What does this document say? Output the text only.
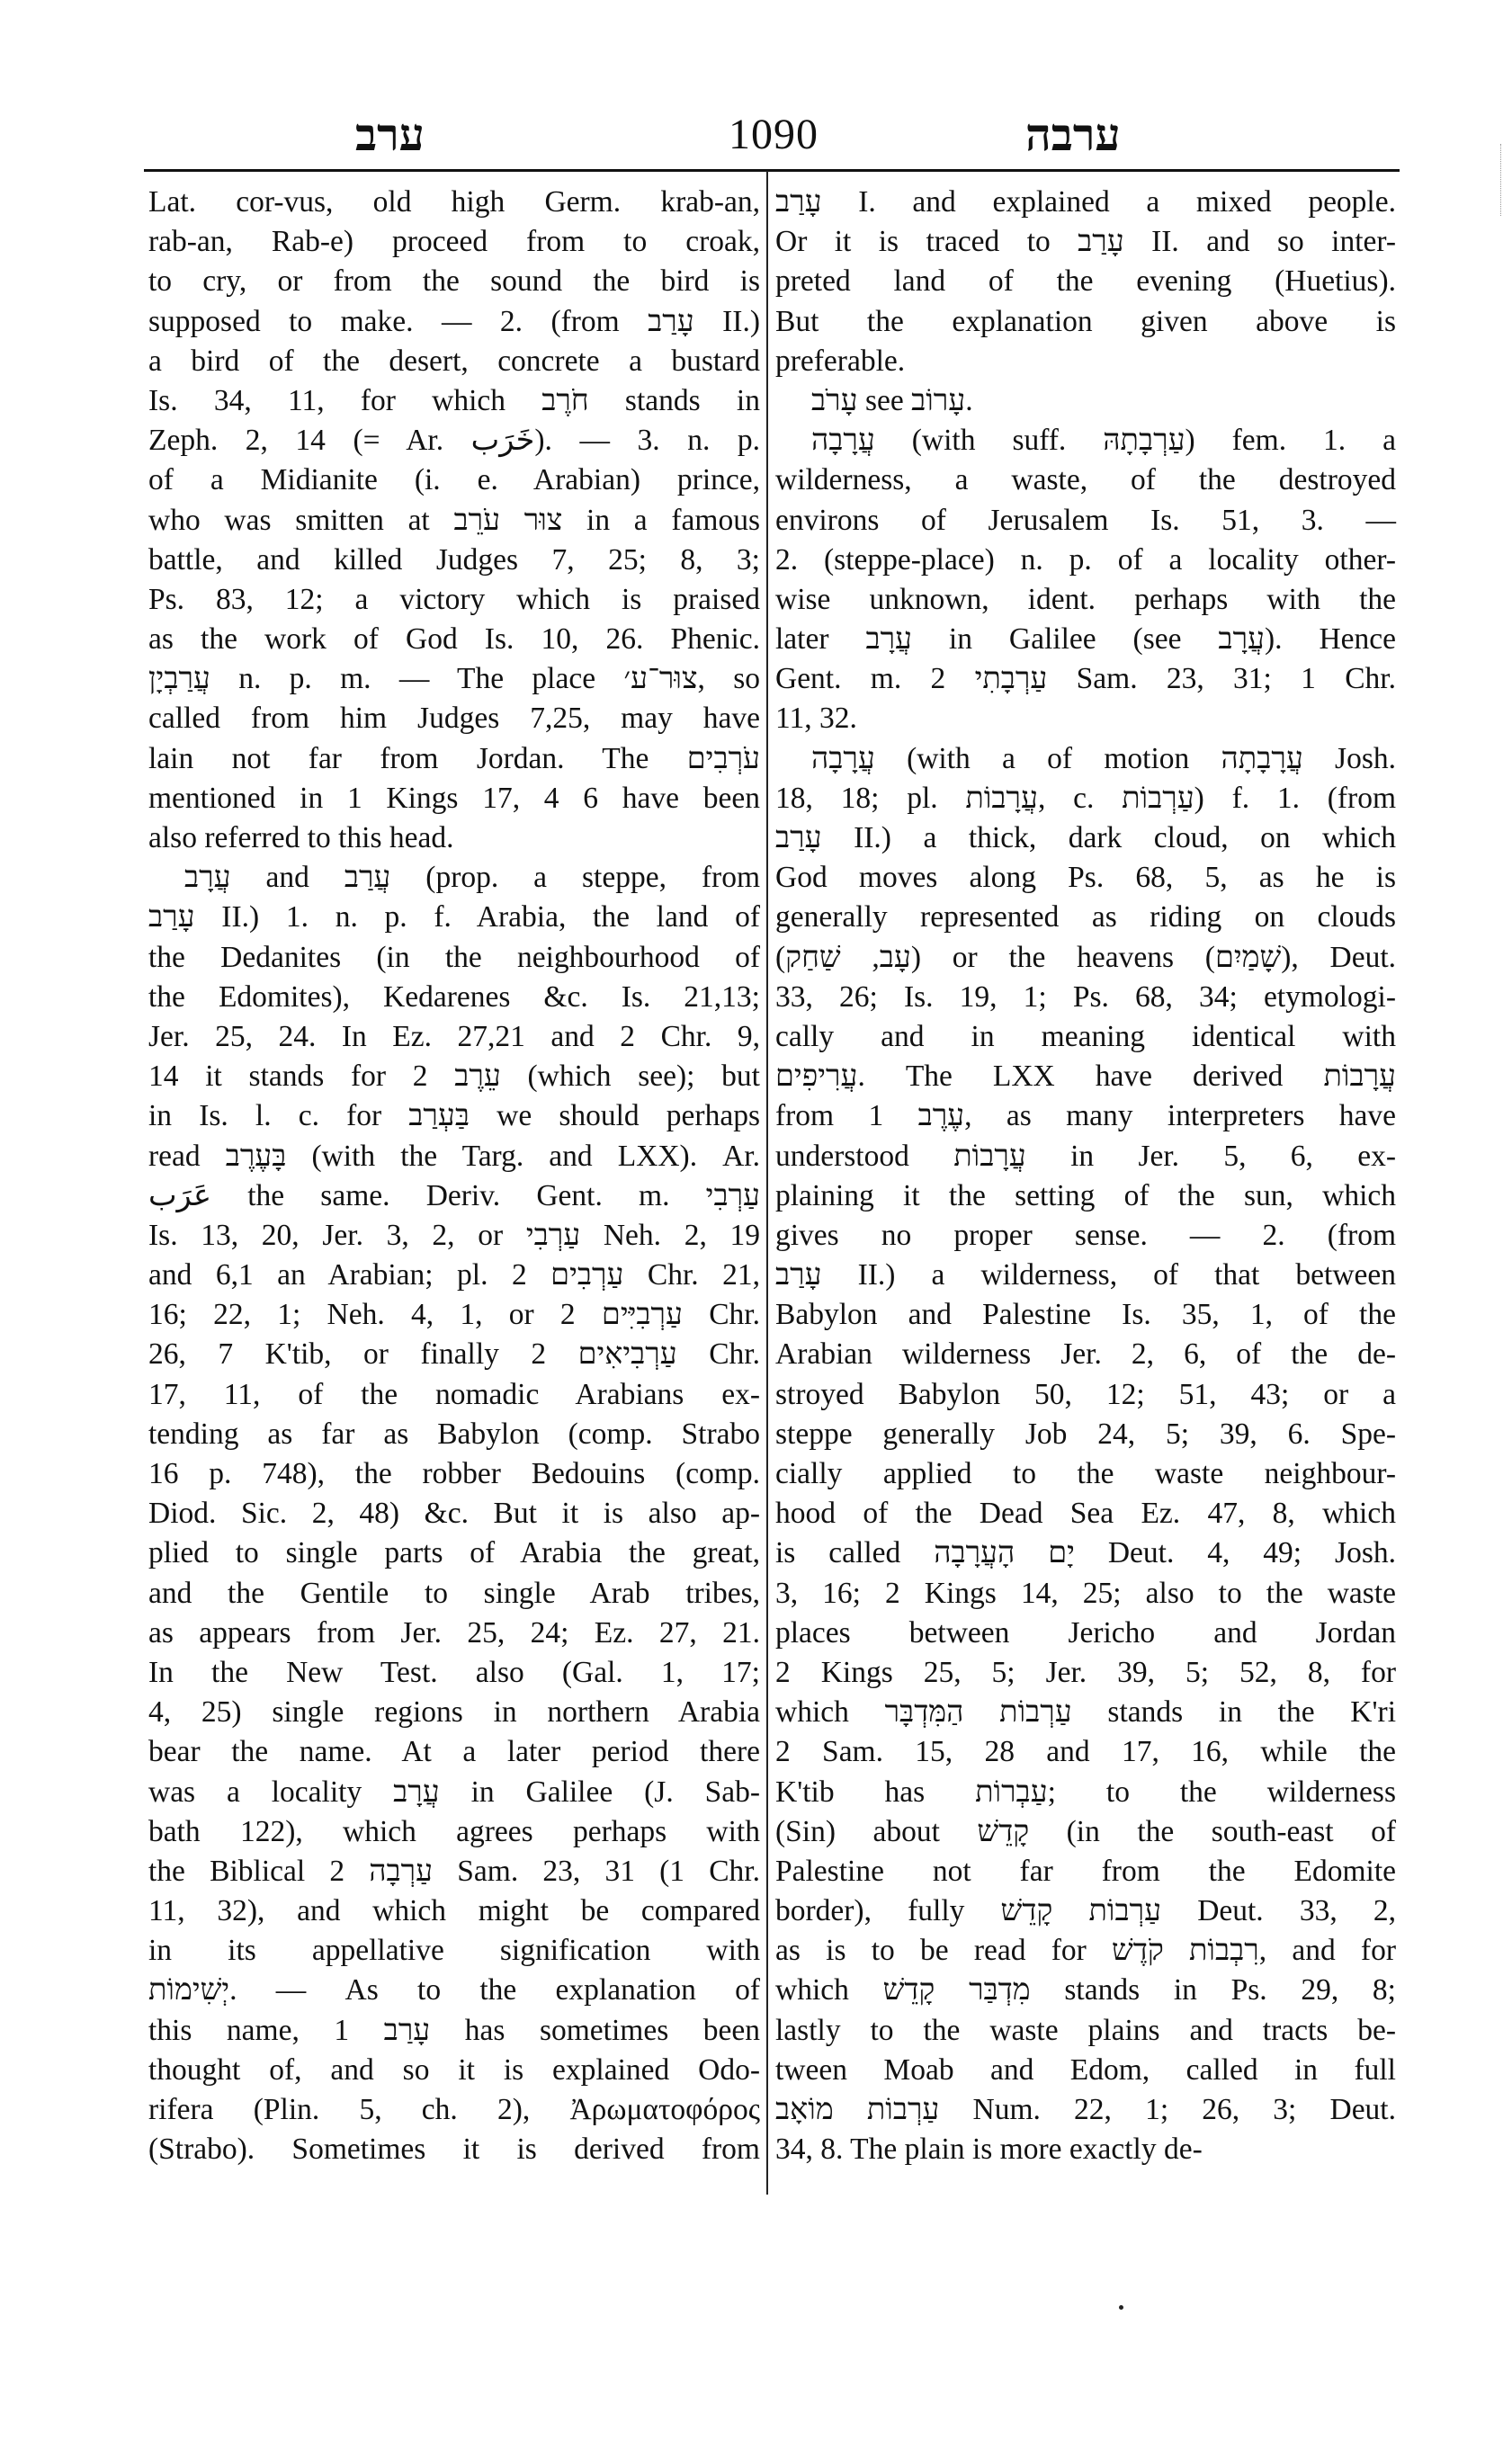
ערב	1090	ערבה
Lat. cor-vus, old high Germ. krab-an,
rab-an, Rab-e) proceed from to croak,
to cry, or from the sound the bird is
supposed to make. — 2. (from עָרַב II.)
a bird of the desert, concrete a bustard
Is. 34, 11, for which חֹרֶב stands in
Zeph. 2, 14 (= Ar. خَرَب). — 3. n. p.
of a Midianite (i. e. Arabian) prince,
who was smitten at צוּר עֹרֵב in a famous
battle, and killed Judges 7, 25; 8, 3;
Ps. 83, 12; a victory which is praised
as the work of God Is. 10, 26. Phenic.
עֲרַבְיָן n. p. m. — The place צוּר־ע׳, so
called from him Judges 7,25, may have
lain not far from Jordan. The עֹרְבִים
mentioned in 1 Kings 17, 4 6 have been
also referred to this head.
עֲרָב and עֲרַב (prop. a steppe, from
עָרַב II.) 1. n. p. f. Arabia, the land of
the Dedanites (in the neighbourhood of
the Edomites), Kedarenes &c. Is. 21,13;
Jer. 25, 24. In Ez. 27,21 and 2 Chr. 9,
14 it stands for עֵרֶב 2 (which see); but
in Is. l. c. for בַּעְרַב we should perhaps
read בָּעֶרֶב (with the Targ. and LXX). Ar.
عَرَب the same. Deriv. Gent. m. עַרְבִי
Is. 13, 20, Jer. 3, 2, or עַרְבִי Neh. 2, 19
and 6,1 an Arabian; pl. עַרְבִים 2 Chr. 21,
16; 22, 1; Neh. 4, 1, or עַרְבִיִּים 2 Chr.
26, 7 K'tib, or finally עַרְבִיאִים 2 Chr.
17, 11, of the nomadic Arabians ex-
tending as far as Babylon (comp. Strabo
16 p. 748), the robber Bedouins (comp.
Diod. Sic. 2, 48) &c. But it is also ap-
plied to single parts of Arabia the great,
and the Gentile to single Arab tribes,
as appears from Jer. 25, 24; Ez. 27, 21.
In the New Test. also (Gal. 1, 17;
4, 25) single regions in northern Arabia
bear the name. At a later period there
was a locality עֲרָב in Galilee (J. Sab-
bath 122), which agrees perhaps with
the Biblical עַרְבָה 2 Sam. 23, 31 (1 Chr.
11, 32), and which might be compared
in its appellative signification with
יְשִׁימוֹת. — As to the explanation of
this name, עָרַב 1 has sometimes been
thought of, and so it is explained Odo-
rifera (Plin. 5, ch. 2), Ἀρωματοφόρος
(Strabo). Sometimes it is derived from
עָרַב I. and explained a mixed people.
Or it is traced to עָרַב II. and so inter-
preted land of the evening (Huetius).
But the explanation given above is
preferable.
עָרֹב see עָרוֹב.
עֲרָבָה (with suff. עַרְבָתָהּ) fem. 1. a
wilderness, a waste, of the destroyed
environs of Jerusalem Is. 51, 3. —
2. (steppe-place) n. p. of a locality other-
wise unknown, ident. perhaps with the
later עֲרָב in Galilee (see עֲרָב). Hence
Gent. m. עַרְבָתִי 2 Sam. 23, 31; 1 Chr.
11, 32.
עֲרָבָה (with a of motion עֲרָבָתָה Josh.
18, 18; pl. עֲרָבוֹת, c. עַרְבוֹת) f. 1. (from
עָרַב II.) a thick, dark cloud, on which
God moves along Ps. 68, 5, as he is
generally represented as riding on clouds
(עָב, שַׁחַק) or the heavens (שָׁמַיִם), Deut.
33, 26; Is. 19, 1; Ps. 68, 34; etymologi-
cally and in meaning identical with
עֲרִיפִים. The LXX have derived עֲרָבוֹת
from עֶרֶב 1, as many interpreters have
understood עֲרָבוֹת in Jer. 5, 6, ex-
plaining it the setting of the sun, which
gives no proper sense. — 2. (from
עָרַב II.) a wilderness, of that between
Babylon and Palestine Is. 35, 1, of the
Arabian wilderness Jer. 2, 6, of the de-
stroyed Babylon 50, 12; 51, 43; or a
steppe generally Job 24, 5; 39, 6. Spe-
cially applied to the waste neighbour-
hood of the Dead Sea Ez. 47, 8, which
is called יָם הָעֲרָבָה Deut. 4, 49; Josh.
3, 16; 2 Kings 14, 25; also to the waste
places between Jericho and Jordan
2 Kings 25, 5; Jer. 39, 5; 52, 8, for
which עַרְבוֹת הַמִּדְבָּר stands in the K'ri
2 Sam. 15, 28 and 17, 16, while the
K'tib has עַבְרוֹת; to the wilderness
(Sin) about קָדֵשׁ (in the south-east of
Palestine not far from the Edomite
border), fully עַרְבוֹת קָדֵשׁ Deut. 33, 2,
as is to be read for רִבְבוֹת קֹדֶשׁ, and for
which מִדְבַּר קָדֵשׁ stands in Ps. 29, 8;
lastly to the waste plains and tracts be-
tween Moab and Edom, called in full
עַרְבוֹת מוֹאָב Num. 22, 1; 26, 3; Deut.
34, 8. The plain is more exactly de-
